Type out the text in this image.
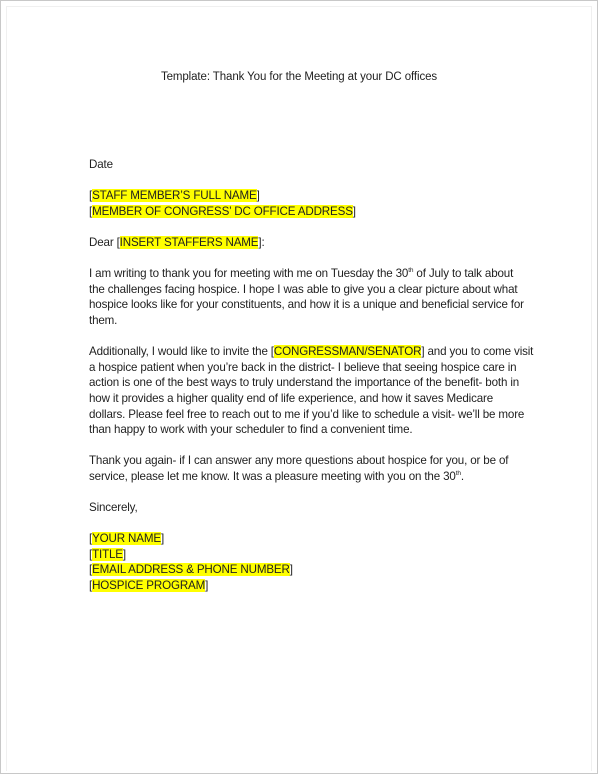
Template: Thank You for the Meeting at your DC offices
Date
[STAFF MEMBER’S FULL NAME]
[MEMBER OF CONGRESS’ DC OFFICE ADDRESS]
Dear [INSERT STAFFERS NAME]:
I am writing to thank you for meeting with me on Tuesday the 30th of July to talk about
the challenges facing hospice. I hope I was able to give you a clear picture about what
hospice looks like for your constituents, and how it is a unique and beneficial service for
them.
Additionally, I would like to invite the [CONGRESSMAN/SENATOR] and you to come visit
a hospice patient when you’re back in the district- I believe that seeing hospice care in
action is one of the best ways to truly understand the importance of the benefit- both in
how it provides a higher quality end of life experience, and how it saves Medicare
dollars. Please feel free to reach out to me if you’d like to schedule a visit- we’ll be more
than happy to work with your scheduler to find a convenient time.
Thank you again- if I can answer any more questions about hospice for you, or be of
service, please let me know. It was a pleasure meeting with you on the 30th.
Sincerely,
[YOUR NAME]
[TITLE]
[EMAIL ADDRESS & PHONE NUMBER]
[HOSPICE PROGRAM]
